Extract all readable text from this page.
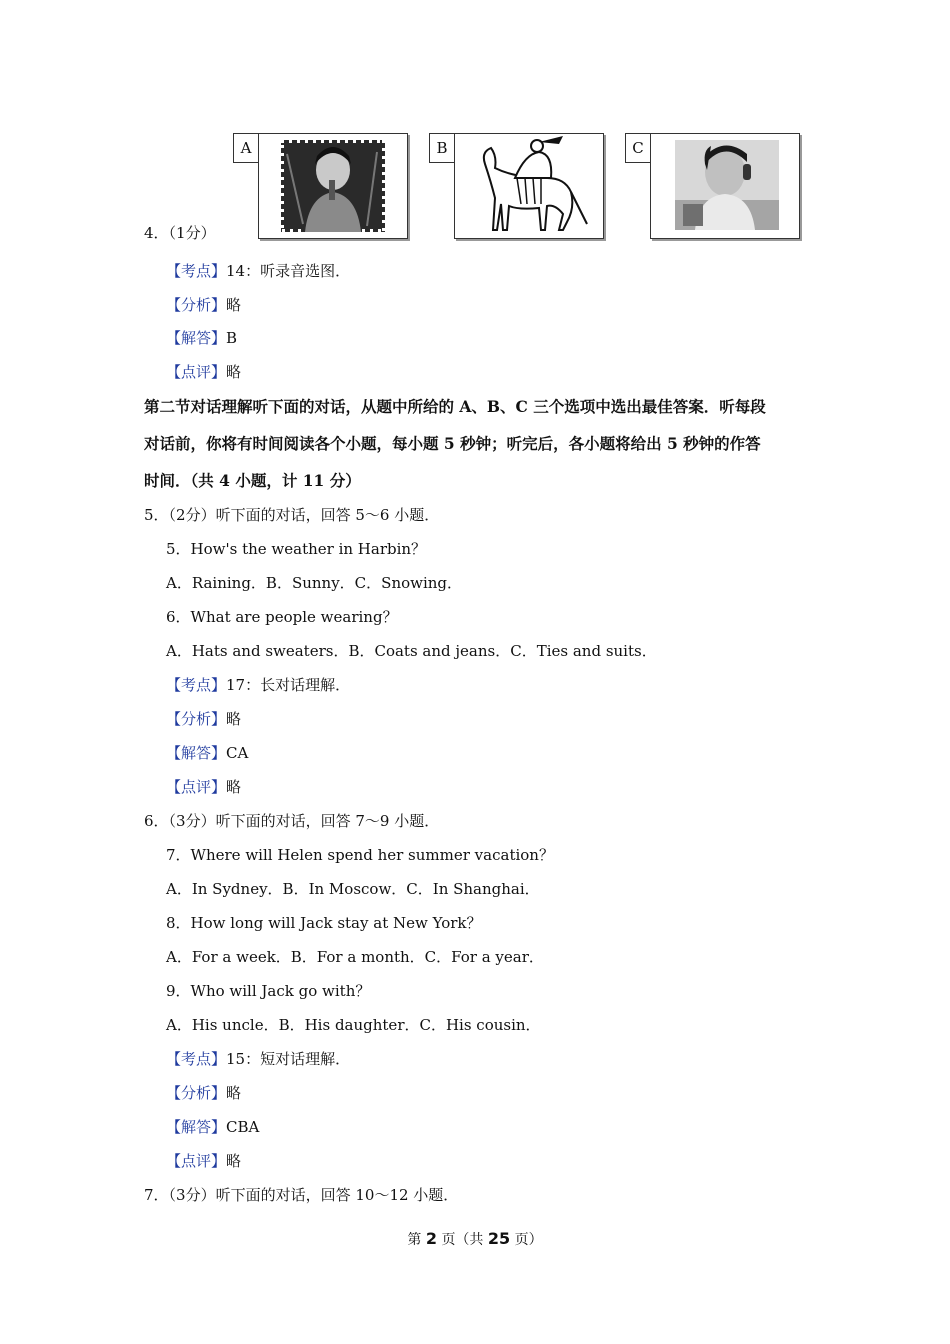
A	B	C
4．（1分）
【考点】14：听录音选图．
【分析】略
【解答】B
【点评】略
第二节对话理解听下面的对话，从题中所给的 A、B、C 三个选项中选出最佳答案．听每段
对话前，你将有时间阅读各个小题，每小题 5 秒钟；听完后，各小题将给出 5 秒钟的作答
时间．（共 4 小题，计 11 分）
5．（2分）听下面的对话，回答 5～6 小题．
5．How's the weather in Harbin？
A．Raining．B．Sunny．C．Snowing．
6．What are people wearing？
A．Hats and sweaters．B．Coats and jeans．C．Ties and suits．
【考点】17：长对话理解．
【分析】略
【解答】CA
【点评】略
6．（3分）听下面的对话，回答 7～9 小题．
7．Where will Helen spend her summer vacation？
A．In Sydney．B．In Moscow．C．In Shanghai．
8．How long will Jack stay at New York？
A．For a week．B．For a month．C．For a year．
9．Who will Jack go with？
A．His uncle．B．His daughter．C．His cousin．
【考点】15：短对话理解．
【分析】略
【解答】CBA
【点评】略
7．（3分）听下面的对话，回答 10～12 小题．
第 2 页（共 25 页）
